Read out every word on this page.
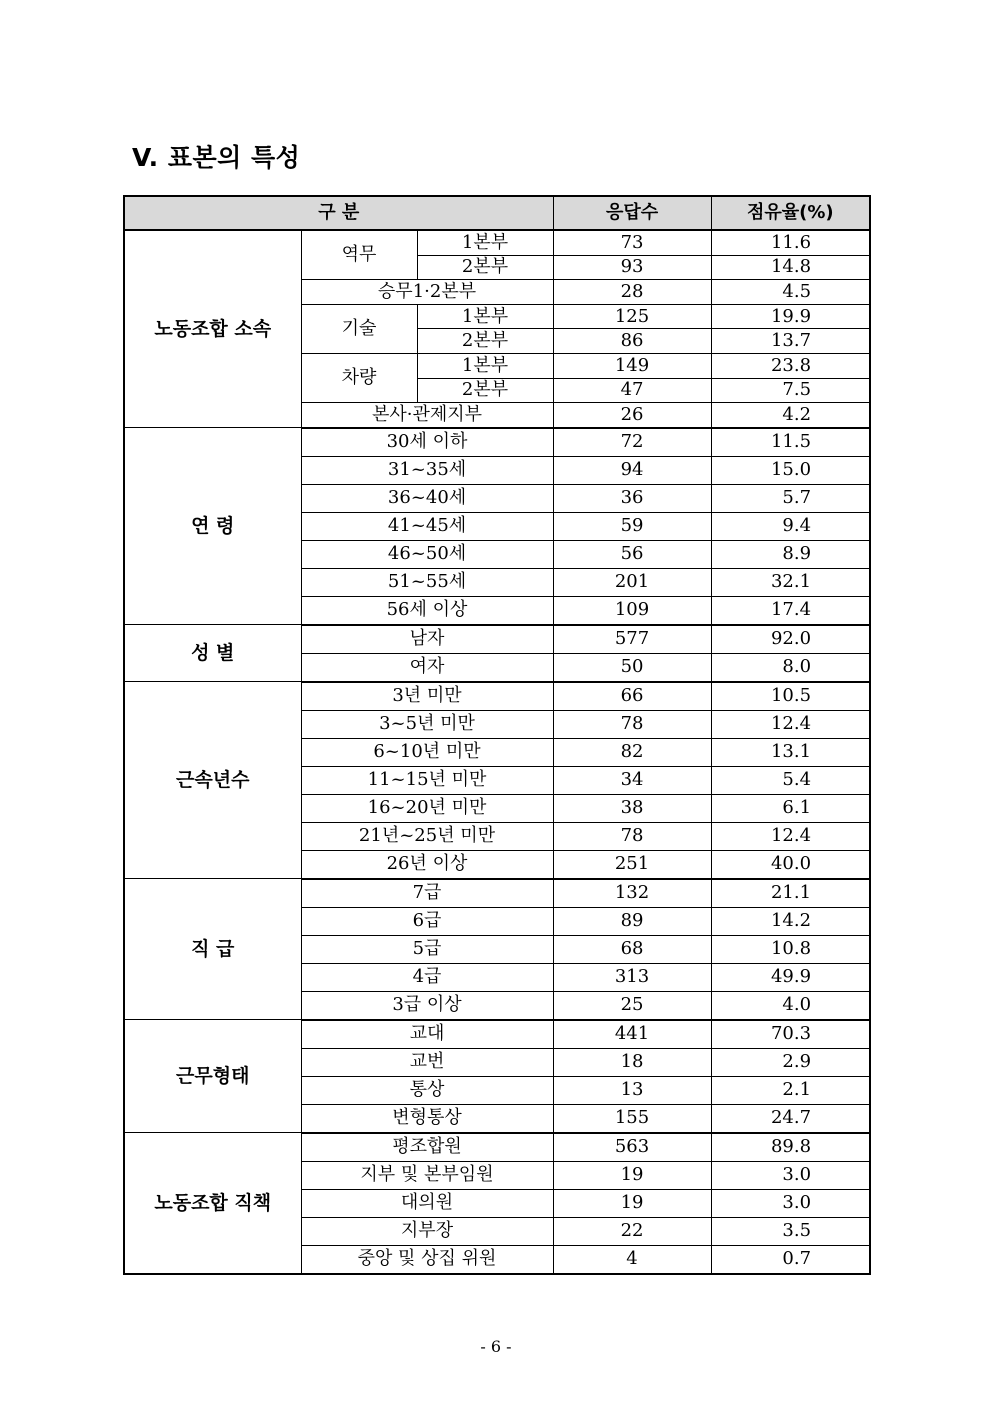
V. 표본의 특성
구 분			응답수	점유율(%)
노동조합 소속	역무	1본부	73	11.6
		2본부	93	14.8
	승무1·2본부		28	4.5
	기술	1본부	125	19.9
		2본부	86	13.7
	차량	1본부	149	23.8
		2본부	47	7.5
	본사·관제지부		26	4.2
연 령	30세 이하		72	11.5
	31~35세		94	15.0
	36~40세		36	5.7
	41~45세		59	9.4
	46~50세		56	8.9
	51~55세		201	32.1
	56세 이상		109	17.4
성 별	남자		577	92.0
	여자		50	8.0
근속년수	3년 미만		66	10.5
	3~5년 미만		78	12.4
	6~10년 미만		82	13.1
	11~15년 미만		34	5.4
	16~20년 미만		38	6.1
	21년~25년 미만		78	12.4
	26년 이상		251	40.0
직 급	7급		132	21.1
	6급		89	14.2
	5급		68	10.8
	4급		313	49.9
	3급 이상		25	4.0
근무형태	교대		441	70.3
	교번		18	2.9
	통상		13	2.1
	변형통상		155	24.7
노동조합 직책	평조합원		563	89.8
	지부 및 본부임원		19	3.0
	대의원		19	3.0
	지부장		22	3.5
	중앙 및 상집 위원		4	0.7
- 6 -
